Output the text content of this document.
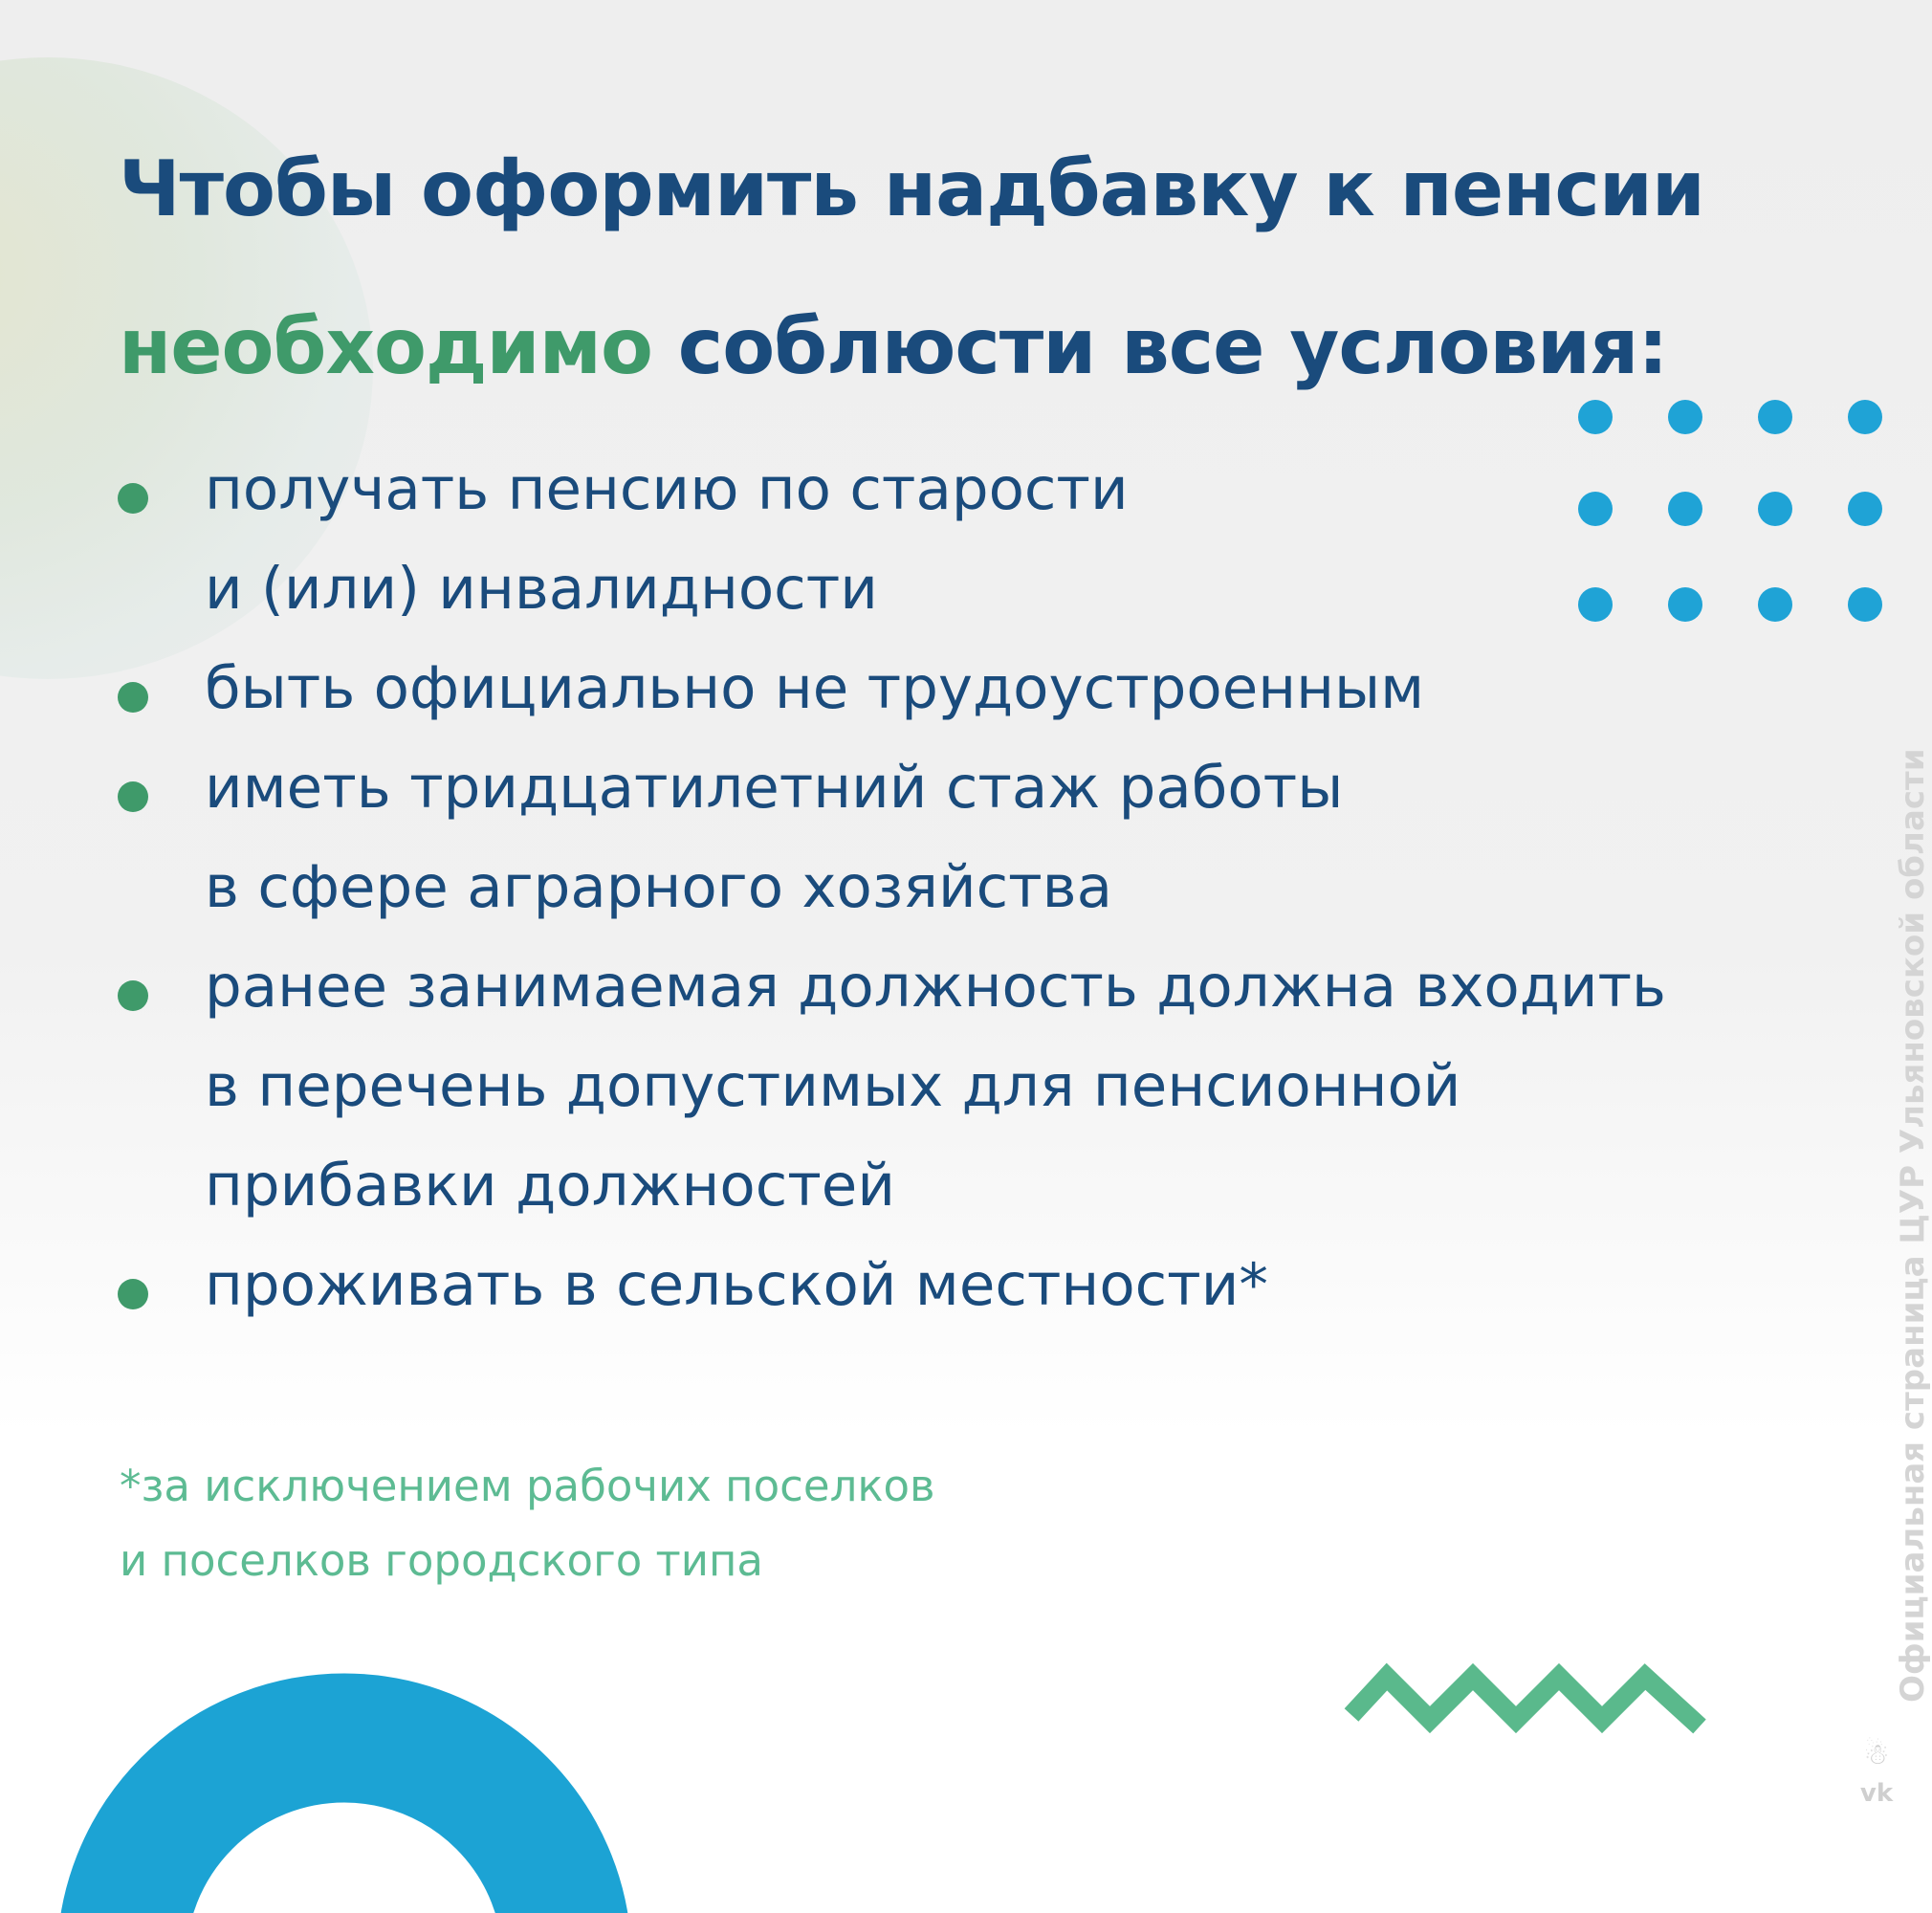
Чтобы оформить надбавку к пенсии
необходимо соблюсти все условия:
получать пенсию по старости
и (или) инвалидности
быть официально не трудоустроенным
иметь тридцатилетний стаж работы
в сфере аграрного хозяйства
ранее занимаемая должность должна входить
в перечень допустимых для пенсионной
прибавки должностей
проживать в сельской местности*

*за исключением рабочих поселков
и поселков городского типа	Официальная страница ЦУР Ульяновской области
☃
vk
